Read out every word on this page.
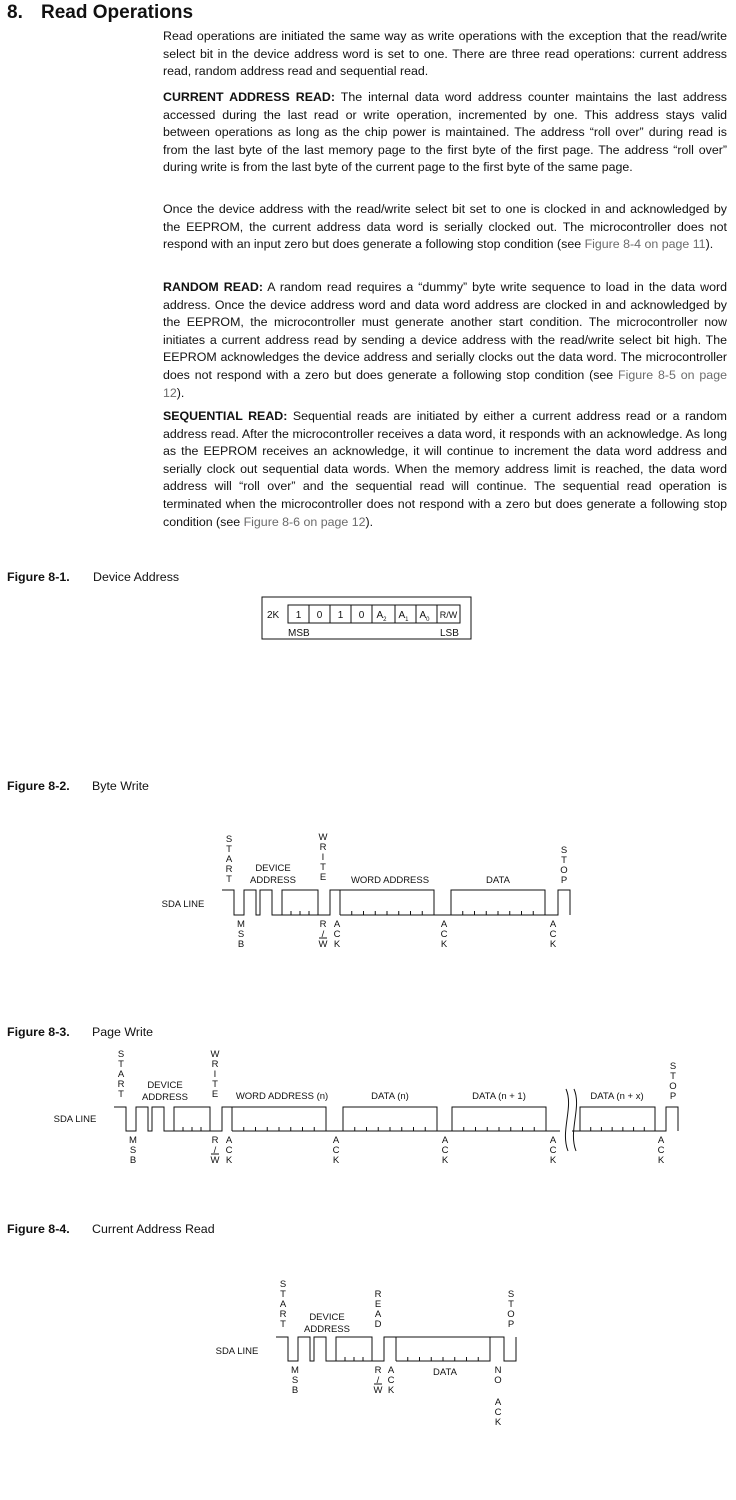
8. Read Operations

Read operations are initiated the same way as write operations with the exception that the read/write select bit in the device address word is set to one. There are three read operations: current address read, random address read and sequential read.

CURRENT ADDRESS READ: The internal data word address counter maintains the last address accessed during the last read or write operation, incremented by one. This address stays valid between operations as long as the chip power is maintained. The address “roll over” during read is from the last byte of the last memory page to the first byte of the first page. The address “roll over” during write is from the last byte of the current page to the first byte of the same page.

Once the device address with the read/write select bit set to one is clocked in and acknowledged by the EEPROM, the current address data word is serially clocked out. The microcontroller does not respond with an input zero but does generate a following stop condition (see Figure 8-4 on page 11).

RANDOM READ: A random read requires a “dummy” byte write sequence to load in the data word address. Once the device address word and data word address are clocked in and acknowledged by the EEPROM, the microcontroller must generate another start condition. The microcontroller now initiates a current address read by sending a device address with the read/write select bit high. The EEPROM acknowledges the device address and serially clocks out the data word. The microcontroller does not respond with a zero but does generate a following stop condition (see Figure 8-5 on page 12).

SEQUENTIAL READ: Sequential reads are initiated by either a current address read or a random address read. After the microcontroller receives a data word, it responds with an acknowledge. As long as the EEPROM receives an acknowledge, it will continue to increment the data word address and serially clock out sequential data words. When the memory address limit is reached, the data word address will “roll over” and the sequential read will continue. The sequential read operation is terminated when the microcontroller does not respond with a zero but does generate a following stop condition (see Figure 8-6 on page 12).

Figure 8-1. Device Address
2K 1 0 1 0 $A_2$ $A_1$ $A_0$ R/W
MSB	LSB
Figure 8-2. Byte Write
S
T
A
R
T
W
R
I
T
E
S
T
O
P
DEVICE
ADDRESS	WORD ADDRESS	DATA
SDA LINE
M
S
B
R
/
W
A
C
K
A
C
K
A
C
K
Figure 8-3. Page Write
S
T
A
R
T
W
R
I
T
E
S
T
O
P
DEVICE
ADDRESS	WORD ADDRESS (n)	DATA (n)	DATA (n + 1)	DATA (n + x)
SDA LINE
M
S
B
R
/
W
A
C
K
A
C
K
A
C
K
A
C
K
A
C
K
Figure 8-4. Current Address Read
S
T
A
R
T
R
E
A
D
S
T
O
P
DEVICE
ADDRESS
DATA
SDA LINE
M
S
B
R
/
W
A
C
K
N
O
A
C
K
